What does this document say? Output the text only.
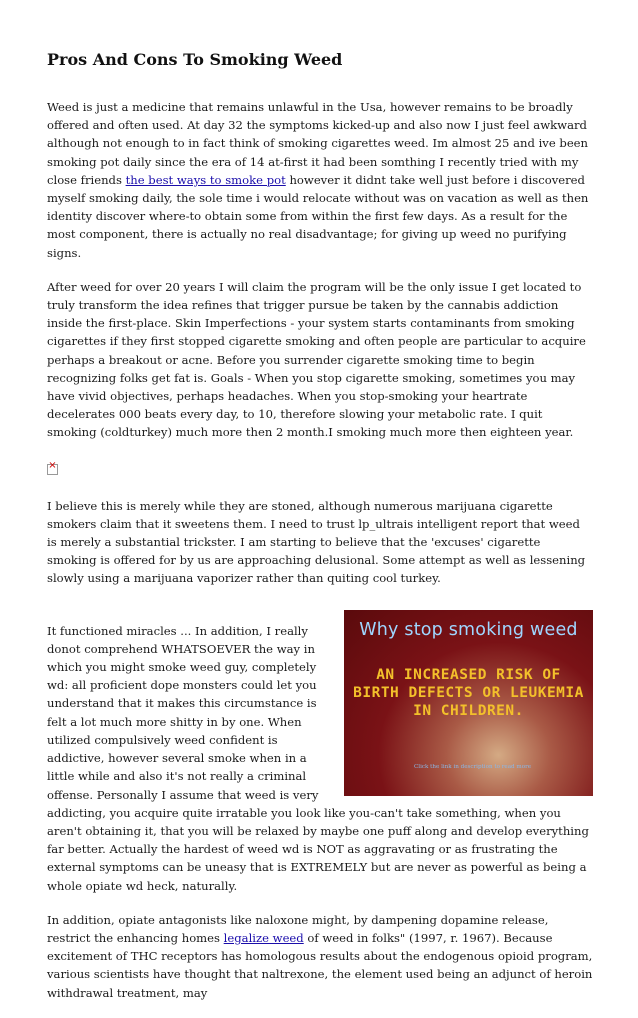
Pros And Cons To Smoking Weed

Weed is just a medicine that remains unlawful in the Usa, however remains to be broadly offered and often used. At day 32 the symptoms kicked-up and also now I just feel awkward although not enough to in fact think of smoking cigarettes weed. Im almost 25 and ive been smoking pot daily since the era of 14 at-first it had been somthing I recently tried with my close friends the best ways to smoke pot however it didnt take well just before i discovered myself smoking daily, the sole time i would relocate without was on vacation as well as then identity discover where-to obtain some from within the first few days. As a result for the most component, there is actually no real disadvantage; for giving up weed no purifying signs.

After weed for over 20 years I will claim the program will be the only issue I get located to truly transform the idea refines that trigger pursue be taken by the cannabis addiction inside the first-place. Skin Imperfections - your system starts contaminants from smoking cigarettes if they first stopped cigarette smoking and often people are particular to acquire perhaps a breakout or acne. Before you surrender cigarette smoking time to begin recognizing folks get fat is. Goals - When you stop cigarette smoking, sometimes you may have vivid objectives, perhaps headaches. When you stop-smoking your heartrate decelerates 000 beats every day, to 10, therefore slowing your metabolic rate. I quit smoking (coldturkey) much more then 2 month.I smoking much more then eighteen year.

×

I believe this is merely while they are stoned, although numerous marijuana cigarette smokers claim that it sweetens them. I need to trust lp_ultrais intelligent report that weed is merely a substantial trickster. I am starting to believe that the 'excuses' cigarette smoking is offered for by us are approaching delusional. Some attempt as well as lessening slowly using a marijuana vaporizer rather than quiting cool turkey.

Why stop smoking weed
AN INCREASED RISK OF BIRTH DEFECTS OR LEUKEMIA IN CHILDREN.
Click the link in description to read more

It functioned miracles ... In addition, I really donot comprehend WHATSOEVER the way in which you might smoke weed guy, completely wd: all proficient dope monsters could let you understand that it makes this circumstance is felt a lot much more shitty in by one. When utilized compulsively weed confident is addictive, however several smoke when in a little while and also it's not really a criminal offense. Personally I assume that weed is very addicting, you acquire quite irratable you look like you-can't take something, when you aren't obtaining it, that you will be relaxed by maybe one puff along and develop everything far better. Actually the hardest of weed wd is NOT as aggravating or as frustrating the external symptoms can be uneasy that is EXTREMELY but are never as powerful as being a whole opiate wd heck, naturally.

In addition, opiate antagonists like naloxone might, by dampening dopamine release, restrict the enhancing homes legalize weed of weed in folks" (1997, r. 1967). Because excitement of THC receptors has homologous results about the endogenous opioid program, various scientists have thought that naltrexone, the element used being an adjunct of heroin withdrawal treatment, may
